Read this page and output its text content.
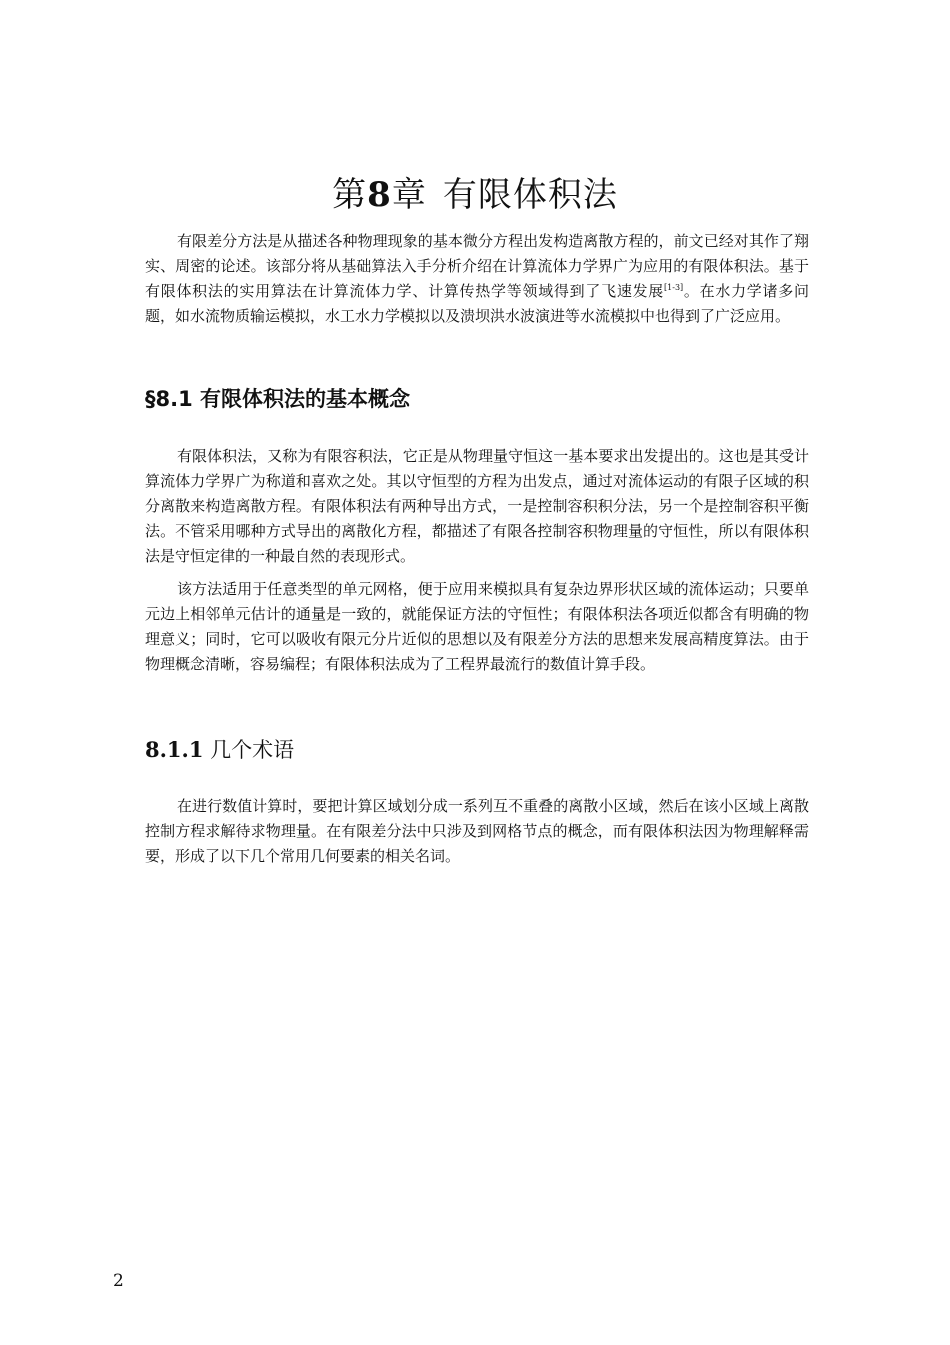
第8章 有限体积法

有限差分方法是从描述各种物理现象的基本微分方程出发构造离散方程的，前文已经对其作了翔实、周密的论述。该部分将从基础算法入手分析介绍在计算流体力学界广为应用的有限体积法。基于有限体积法的实用算法在计算流体力学、计算传热学等领域得到了飞速发展[1-3]。在水力学诸多问题，如水流物质输运模拟，水工水力学模拟以及溃坝洪水波演进等水流模拟中也得到了广泛应用。

§8.1 有限体积法的基本概念

有限体积法，又称为有限容积法，它正是从物理量守恒这一基本要求出发提出的。这也是其受计算流体力学界广为称道和喜欢之处。其以守恒型的方程为出发点，通过对流体运动的有限子区域的积分离散来构造离散方程。有限体积法有两种导出方式，一是控制容积积分法，另一个是控制容积平衡法。不管采用哪种方式导出的离散化方程，都描述了有限各控制容积物理量的守恒性，所以有限体积法是守恒定律的一种最自然的表现形式。

该方法适用于任意类型的单元网格，便于应用来模拟具有复杂边界形状区域的流体运动；只要单元边上相邻单元估计的通量是一致的，就能保证方法的守恒性；有限体积法各项近似都含有明确的物理意义；同时，它可以吸收有限元分片近似的思想以及有限差分方法的思想来发展高精度算法。由于物理概念清晰，容易编程；有限体积法成为了工程界最流行的数值计算手段。

8.1.1 几个术语

在进行数值计算时，要把计算区域划分成一系列互不重叠的离散小区域，然后在该小区域上离散控制方程求解待求物理量。在有限差分法中只涉及到网格节点的概念，而有限体积法因为物理解释需要，形成了以下几个常用几何要素的相关名词。

2
